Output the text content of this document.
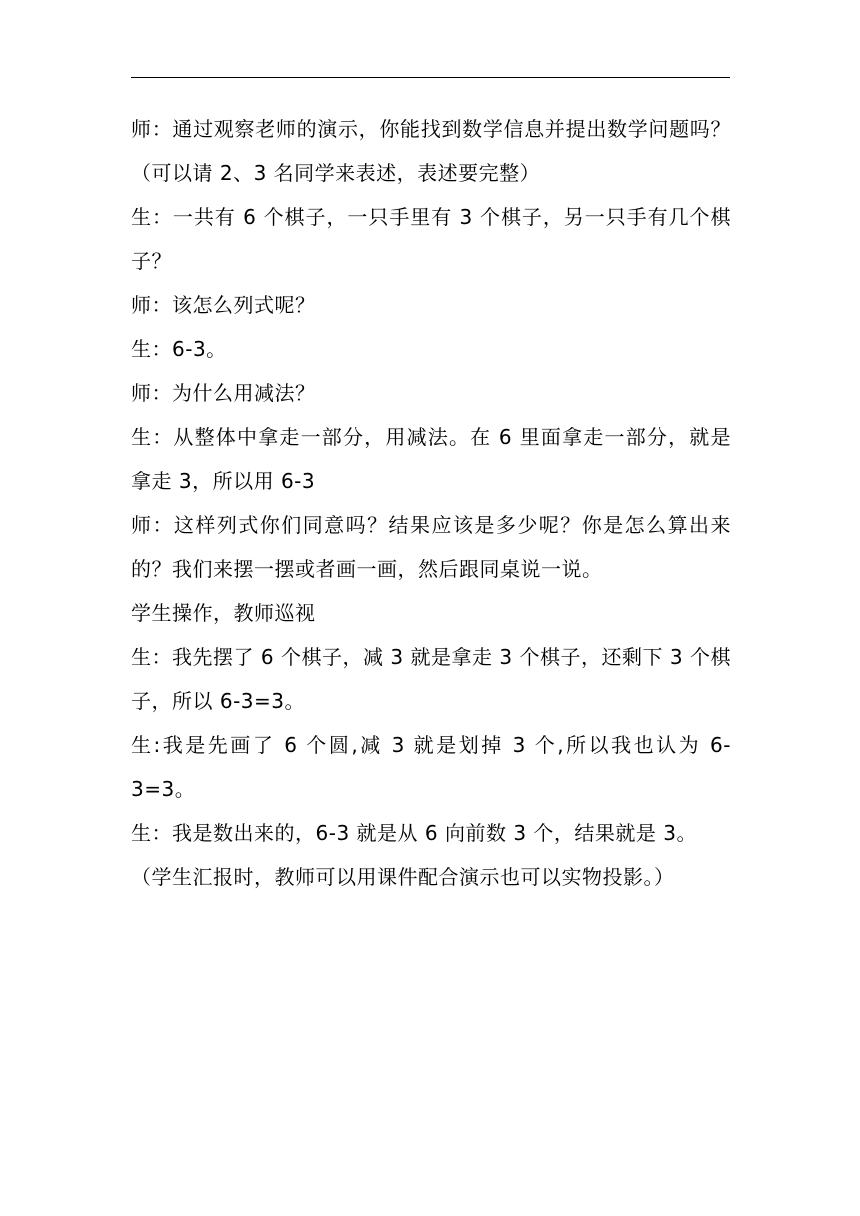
师：通过观察老师的演示，你能找到数学信息并提出数学问题吗？（可以请 2、3 名同学来表述，表述要完整）

生：一共有 6 个棋子，一只手里有 3 个棋子，另一只手有几个棋子？

师：该怎么列式呢？

生：6-3。

师：为什么用减法？

生：从整体中拿走一部分，用减法。在 6 里面拿走一部分，就是拿走 3，所以用 6-3

师：这样列式你们同意吗？结果应该是多少呢？你是怎么算出来的？我们来摆一摆或者画一画，然后跟同桌说一说。

学生操作，教师巡视

生：我先摆了 6 个棋子，减 3 就是拿走 3 个棋子，还剩下 3 个棋子，所以 6-3=3。

生:我是先画了 6 个圆,减 3 就是划掉 3 个,所以我也认为 6-3=3。

生：我是数出来的，6-3 就是从 6 向前数 3 个，结果就是 3。

（学生汇报时，教师可以用课件配合演示也可以实物投影。）
